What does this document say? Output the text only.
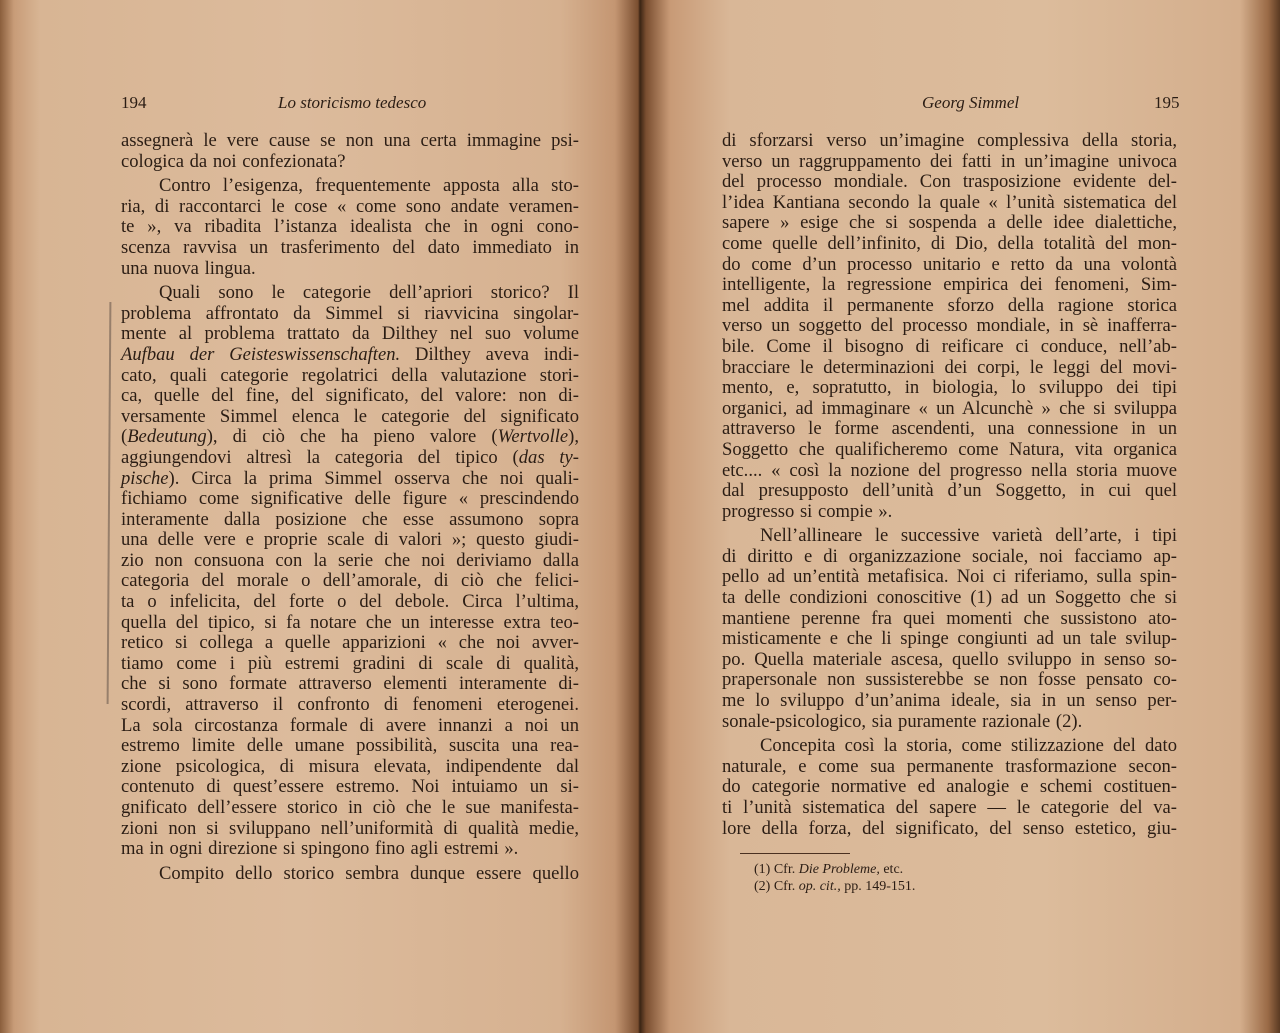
194	Lo storicismo tedesco
assegnerà le vere cause se non una certa immagine psi-
cologica da noi confezionata?
Contro l’esigenza, frequentemente apposta alla sto-
ria, di raccontarci le cose « come sono andate veramen-
te », va ribadita l’istanza idealista che in ogni cono-
scenza ravvisa un trasferimento del dato immediato in
una nuova lingua.
Quali sono le categorie dell’apriori storico? Il
problema affrontato da Simmel si riavvicina singolar-
mente al problema trattato da Dilthey nel suo volume
Aufbau der Geisteswissenschaften. Dilthey aveva indi-
cato, quali categorie regolatrici della valutazione stori-
ca, quelle del fine, del significato, del valore: non di-
versamente Simmel elenca le categorie del significato
(Bedeutung), di ciò che ha pieno valore (Wertvolle),
aggiungendovi altresì la categoria del tipico (das ty-
pische). Circa la prima Simmel osserva che noi quali-
fichiamo come significative delle figure « prescindendo
interamente dalla posizione che esse assumono sopra
una delle vere e proprie scale di valori »; questo giudi-
zio non consuona con la serie che noi deriviamo dalla
categoria del morale o dell’amorale, di ciò che felici-
ta o infelicita, del forte o del debole. Circa l’ultima,
quella del tipico, si fa notare che un interesse extra teo-
retico si collega a quelle apparizioni « che noi avver-
tiamo come i più estremi gradini di scale di qualità,
che si sono formate attraverso elementi interamente di-
scordi, attraverso il confronto di fenomeni eterogenei.
La sola circostanza formale di avere innanzi a noi un
estremo limite delle umane possibilità, suscita una rea-
zione psicologica, di misura elevata, indipendente dal
contenuto di quest’essere estremo. Noi intuiamo un si-
gnificato dell’essere storico in ciò che le sue manifesta-
zioni non si sviluppano nell’uniformità di qualità medie,
ma in ogni direzione si spingono fino agli estremi ».
Compito dello storico sembra dunque essere quello
Georg Simmel	195
di sforzarsi verso un’imagine complessiva della storia,
verso un raggruppamento dei fatti in un’imagine univoca
del processo mondiale. Con trasposizione evidente del-
l’idea Kantiana secondo la quale « l’unità sistematica del
sapere » esige che si sospenda a delle idee dialettiche,
come quelle dell’infinito, di Dio, della totalità del mon-
do come d’un processo unitario e retto da una volontà
intelligente, la regressione empirica dei fenomeni, Sim-
mel addita il permanente sforzo della ragione storica
verso un soggetto del processo mondiale, in sè inafferra-
bile. Come il bisogno di reificare ci conduce, nell’ab-
bracciare le determinazioni dei corpi, le leggi del movi-
mento, e, sopratutto, in biologia, lo sviluppo dei tipi
organici, ad immaginare « un Alcunchè » che si sviluppa
attraverso le forme ascendenti, una connessione in un
Soggetto che qualificheremo come Natura, vita organica
etc.... « così la nozione del progresso nella storia muove
dal presupposto dell’unità d’un Soggetto, in cui quel
progresso si compie ».
Nell’allineare le successive varietà dell’arte, i tipi
di diritto e di organizzazione sociale, noi facciamo ap-
pello ad un’entità metafisica. Noi ci riferiamo, sulla spin-
ta delle condizioni conoscitive (1) ad un Soggetto che si
mantiene perenne fra quei momenti che sussistono ato-
misticamente e che li spinge congiunti ad un tale svilup-
po. Quella materiale ascesa, quello sviluppo in senso so-
prapersonale non sussisterebbe se non fosse pensato co-
me lo sviluppo d’un’anima ideale, sia in un senso per-
sonale-psicologico, sia puramente razionale (2).
Concepita così la storia, come stilizzazione del dato
naturale, e come sua permanente trasformazione secon-
do categorie normative ed analogie e schemi costituen-
ti l’unità sistematica del sapere — le categorie del va-
lore della forza, del significato, del senso estetico, giu-
(1) Cfr. Die Probleme, etc.
(2) Cfr. op. cit., pp. 149-151.
